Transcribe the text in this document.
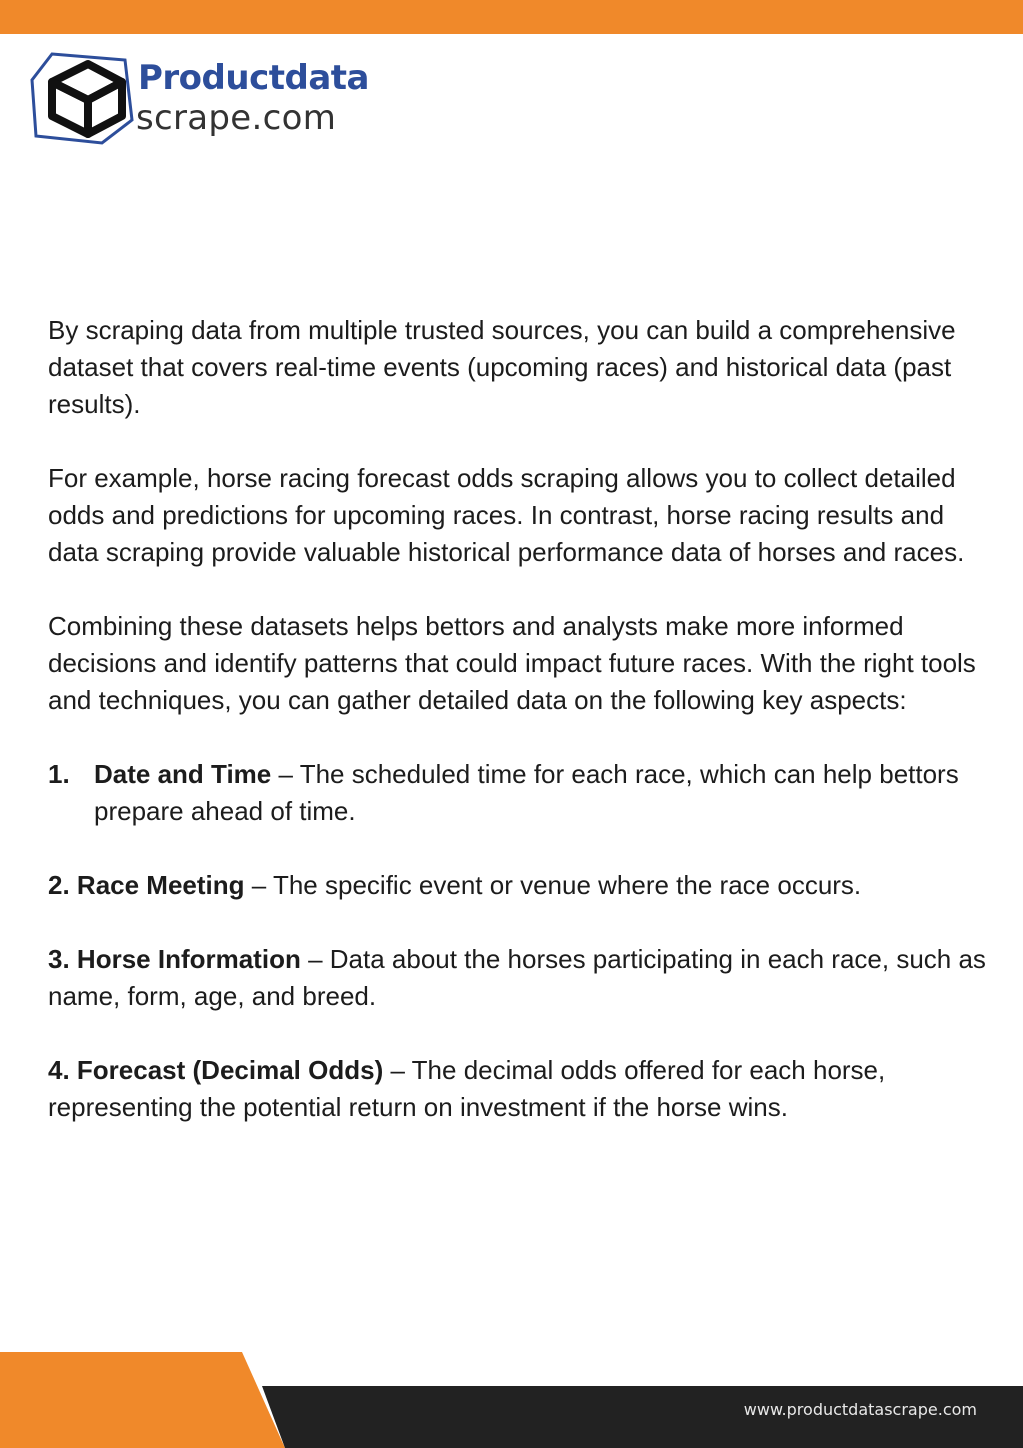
Productdata
scrape.com

By scraping data from multiple trusted sources, you can build a comprehensive dataset that covers real-time events (upcoming races) and historical data (past results).

For example, horse racing forecast odds scraping allows you to collect detailed odds and predictions for upcoming races. In contrast, horse racing results and data scraping provide valuable historical performance data of horses and races.

Combining these datasets helps bettors and analysts make more informed decisions and identify patterns that could impact future races. With the right tools and techniques, you can gather detailed data on the following key aspects:

1. Date and Time – The scheduled time for each race, which can help bettors prepare ahead of time.
2. Race Meeting – The specific event or venue where the race occurs.
3. Horse Information – Data about the horses participating in each race, such as name, form, age, and breed.
4. Forecast (Decimal Odds) – The decimal odds offered for each horse, representing the potential return on investment if the horse wins.
www.productdatascrape.com
